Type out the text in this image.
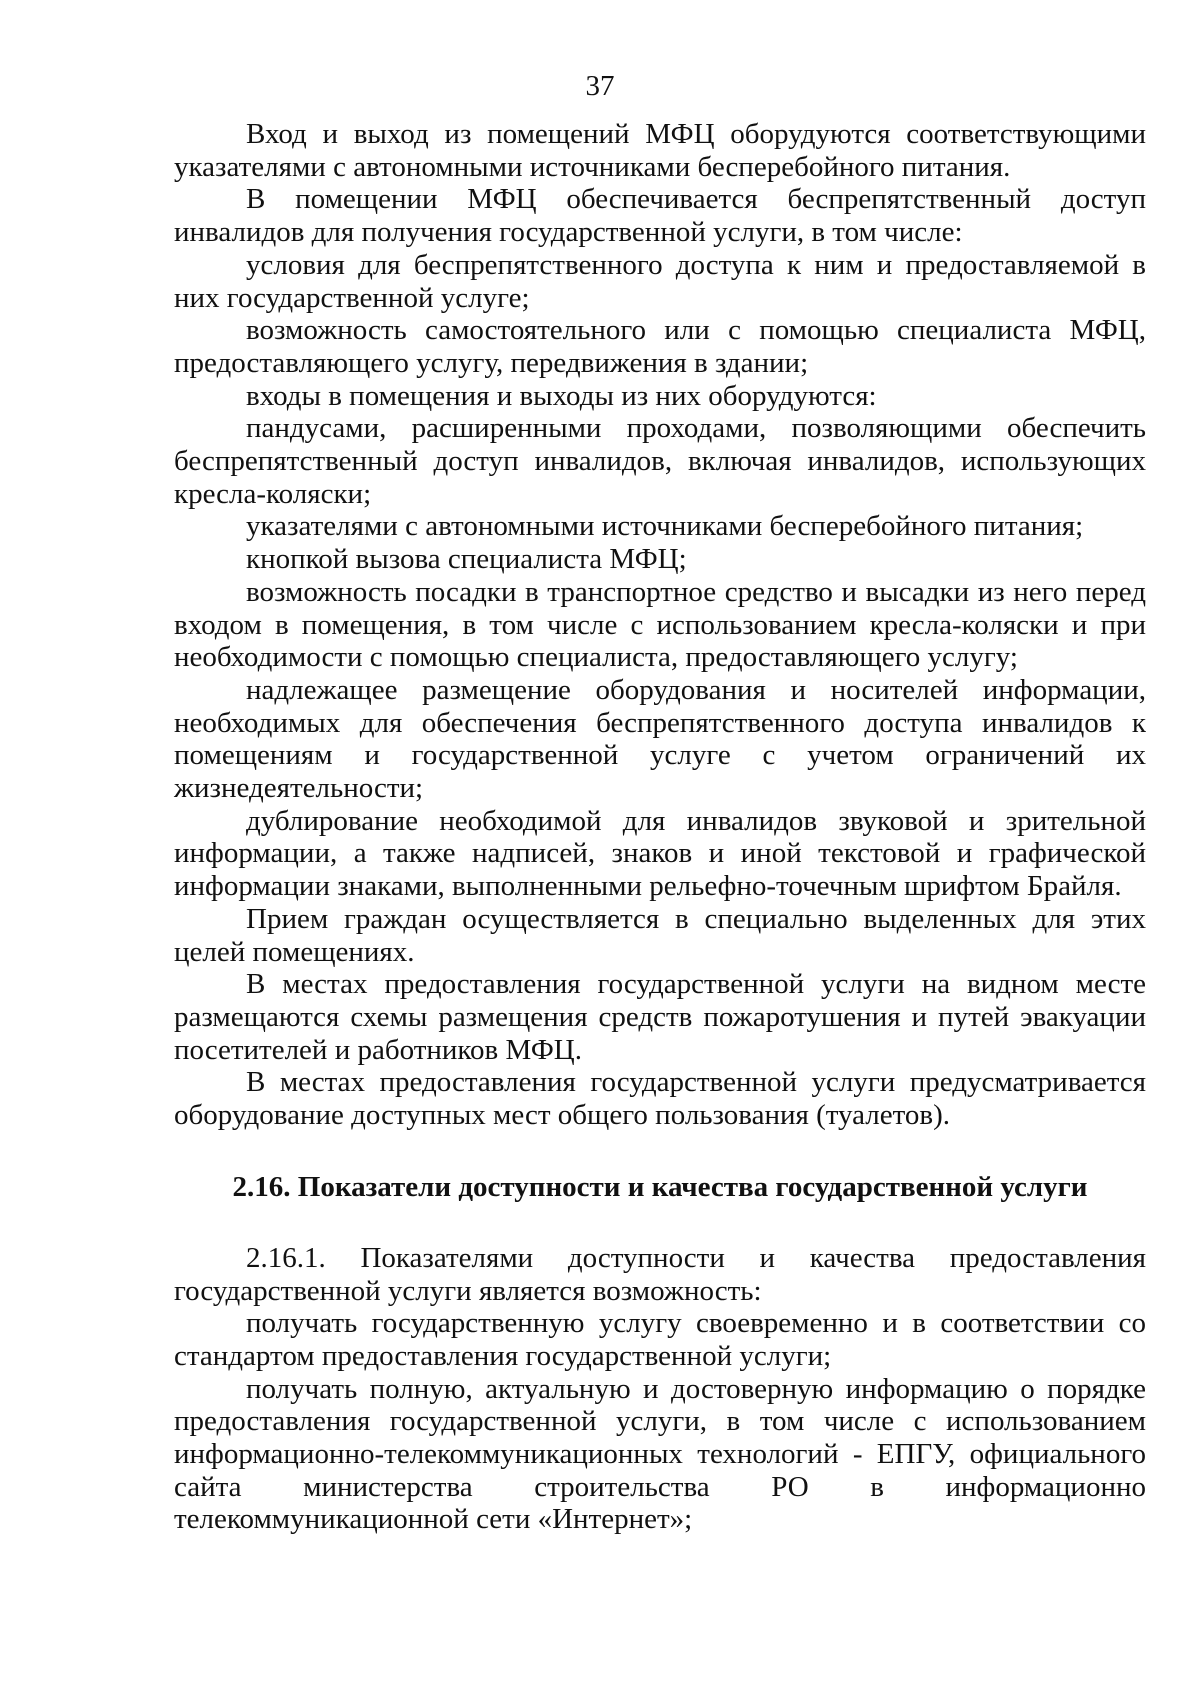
37

Вход и выход из помещений МФЦ оборудуются соответствующими указателями с автономными источниками бесперебойного питания.

В помещении МФЦ обеспечивается беспрепятственный доступ инвалидов для получения государственной услуги, в том числе:

условия для беспрепятственного доступа к ним и предоставляемой в них государственной услуге;

возможность самостоятельного или с помощью специалиста МФЦ, предоставляющего услугу, передвижения в здании;

входы в помещения и выходы из них оборудуются:

пандусами, расширенными проходами, позволяющими обеспечить беспрепятственный доступ инвалидов, включая инвалидов, использующих кресла-коляски;

указателями с автономными источниками бесперебойного питания;

кнопкой вызова специалиста МФЦ;

возможность посадки в транспортное средство и высадки из него перед входом в помещения, в том числе с использованием кресла-коляски и при необходимости с помощью специалиста, предоставляющего услугу;

надлежащее размещение оборудования и носителей информации, необходимых для обеспечения беспрепятственного доступа инвалидов к помещениям и государственной услуге с учетом ограничений их жизнедеятельности;

дублирование необходимой для инвалидов звуковой и зрительной информации, а также надписей, знаков и иной текстовой и графической информации знаками, выполненными рельефно-точечным шрифтом Брайля.

Прием граждан осуществляется в специально выделенных для этих целей помещениях.

В местах предоставления государственной услуги на видном месте размещаются схемы размещения средств пожаротушения и путей эвакуации посетителей и работников МФЦ.

В местах предоставления государственной услуги предусматривается оборудование доступных мест общего пользования (туалетов).

2.16. Показатели доступности и качества государственной услуги

2.16.1. Показателями доступности и качества предоставления государственной услуги является возможность:

получать государственную услугу своевременно и в соответствии со стандартом предоставления государственной услуги;

получать полную, актуальную и достоверную информацию о порядке предоставления государственной услуги, в том числе с использованием информационно-телекоммуникационных технологий - ЕПГУ, официального сайта министерства строительства РО в информационно телекоммуникационной сети «Интернет»;
